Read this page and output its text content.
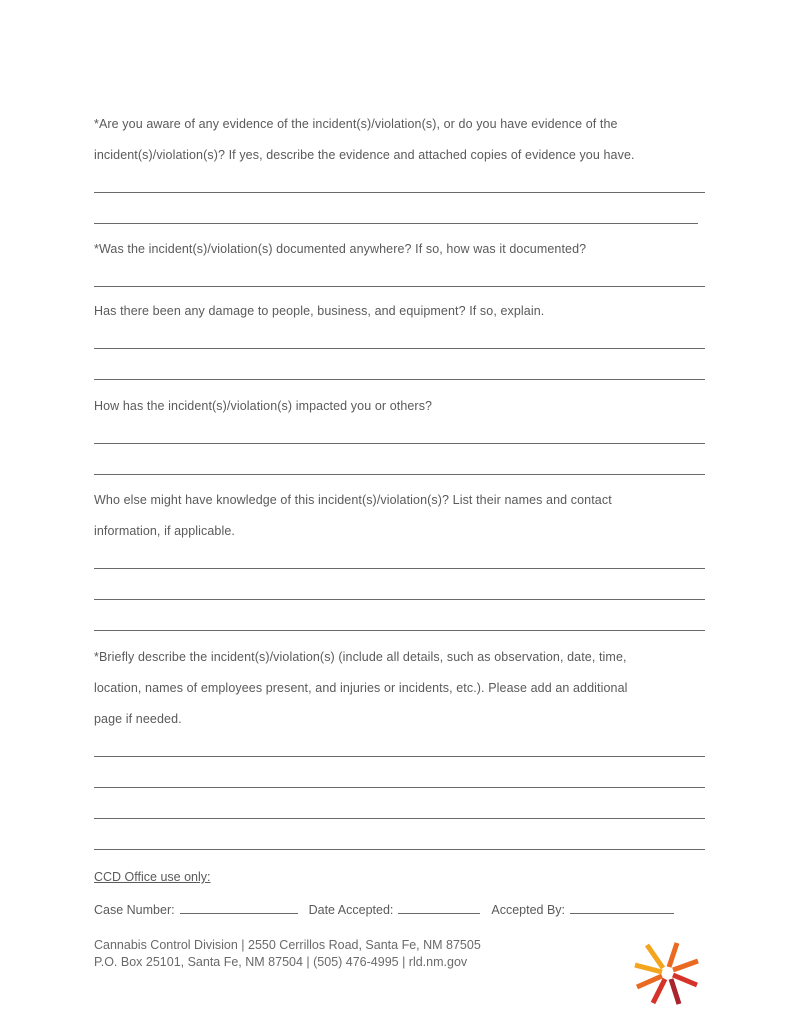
*Are you aware of any evidence of the incident(s)/violation(s), or do you have evidence of the
incident(s)/violation(s)? If yes, describe the evidence and attached copies of evidence you have.
*Was the incident(s)/violation(s) documented anywhere? If so, how was it documented?
Has there been any damage to people, business, and equipment? If so, explain.
How has the incident(s)/violation(s) impacted you or others?
Who else might have knowledge of this incident(s)/violation(s)? List their names and contact
information, if applicable.
*Briefly describe the incident(s)/violation(s) (include all details, such as observation, date, time,
location, names of employees present, and injuries or incidents, etc.). Please add an additional
page if needed.
CCD Office use only:
Case Number:	Date Accepted:	Accepted By:
Cannabis Control Division | 2550 Cerrillos Road, Santa Fe, NM 87505
P.O. Box 25101, Santa Fe, NM 87504 | (505) 476-4995 | rld.nm.gov
